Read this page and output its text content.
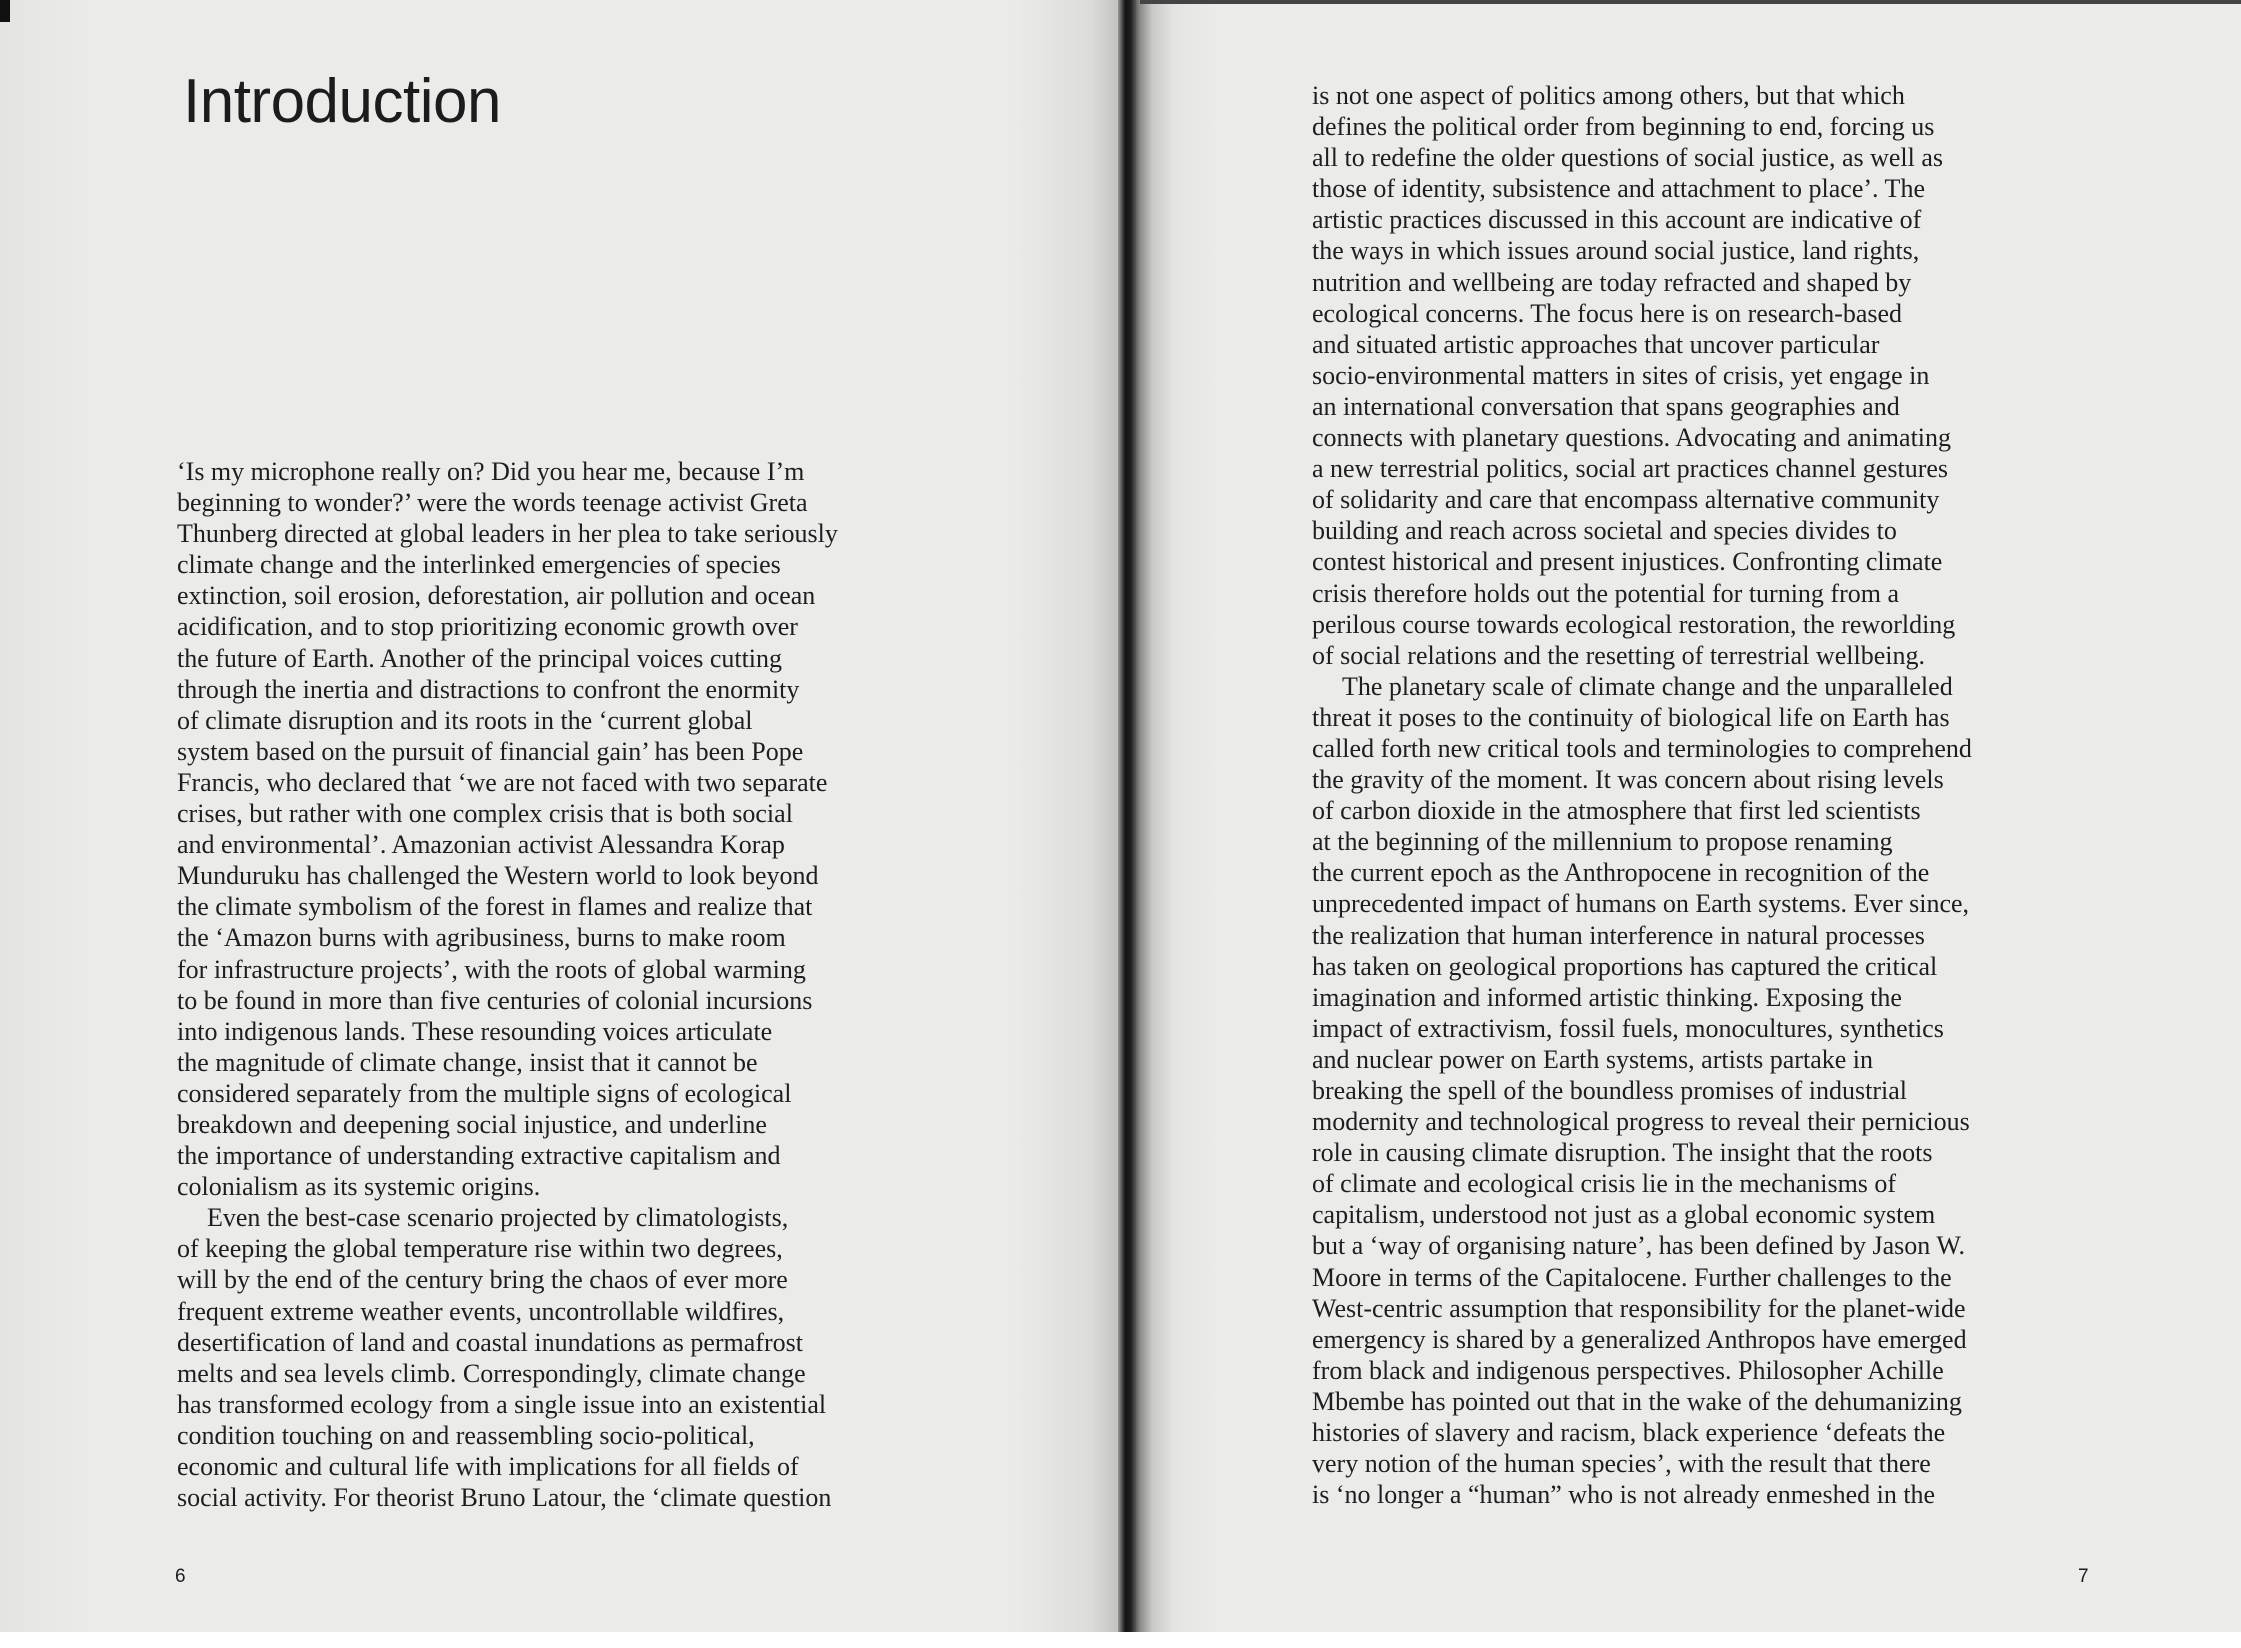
Introduction
‘Is my microphone really on? Did you hear me, because I’m
beginning to wonder?’ were the words teenage activist Greta
Thunberg directed at global leaders in her plea to take seriously
climate change and the interlinked emergencies of species
extinction, soil erosion, deforestation, air pollution and ocean
acidification, and to stop prioritizing economic growth over
the future of Earth. Another of the principal voices cutting
through the inertia and distractions to confront the enormity
of climate disruption and its roots in the ‘current global
system based on the pursuit of financial gain’ has been Pope
Francis, who declared that ‘we are not faced with two separate
crises, but rather with one complex crisis that is both social
and environmental’. Amazonian activist Alessandra Korap
Munduruku has challenged the Western world to look beyond
the climate symbolism of the forest in flames and realize that
the ‘Amazon burns with agribusiness, burns to make room
for infrastructure projects’, with the roots of global warming
to be found in more than five centuries of colonial incursions
into indigenous lands. These resounding voices articulate
the magnitude of climate change, insist that it cannot be
considered separately from the multiple signs of ecological
breakdown and deepening social injustice, and underline
the importance of understanding extractive capitalism and
colonialism as its systemic origins.
Even the best-case scenario projected by climatologists,
of keeping the global temperature rise within two degrees,
will by the end of the century bring the chaos of ever more
frequent extreme weather events, uncontrollable wildfires,
desertification of land and coastal inundations as permafrost
melts and sea levels climb. Correspondingly, climate change
has transformed ecology from a single issue into an existential
condition touching on and reassembling socio-political,
economic and cultural life with implications for all fields of
social activity. For theorist Bruno Latour, the ‘climate question
is not one aspect of politics among others, but that which
defines the political order from beginning to end, forcing us
all to redefine the older questions of social justice, as well as
those of identity, subsistence and attachment to place’. The
artistic practices discussed in this account are indicative of
the ways in which issues around social justice, land rights,
nutrition and wellbeing are today refracted and shaped by
ecological concerns. The focus here is on research-based
and situated artistic approaches that uncover particular
socio-environmental matters in sites of crisis, yet engage in
an international conversation that spans geographies and
connects with planetary questions. Advocating and animating
a new terrestrial politics, social art practices channel gestures
of solidarity and care that encompass alternative community
building and reach across societal and species divides to
contest historical and present injustices. Confronting climate
crisis therefore holds out the potential for turning from a
perilous course towards ecological restoration, the reworlding
of social relations and the resetting of terrestrial wellbeing.
The planetary scale of climate change and the unparalleled
threat it poses to the continuity of biological life on Earth has
called forth new critical tools and terminologies to comprehend
the gravity of the moment. It was concern about rising levels
of carbon dioxide in the atmosphere that first led scientists
at the beginning of the millennium to propose renaming
the current epoch as the Anthropocene in recognition of the
unprecedented impact of humans on Earth systems. Ever since,
the realization that human interference in natural processes
has taken on geological proportions has captured the critical
imagination and informed artistic thinking. Exposing the
impact of extractivism, fossil fuels, monocultures, synthetics
and nuclear power on Earth systems, artists partake in
breaking the spell of the boundless promises of industrial
modernity and technological progress to reveal their pernicious
role in causing climate disruption. The insight that the roots
of climate and ecological crisis lie in the mechanisms of
capitalism, understood not just as a global economic system
but a ‘way of organising nature’, has been defined by Jason W.
Moore in terms of the Capitalocene. Further challenges to the
West-centric assumption that responsibility for the planet-wide
emergency is shared by a generalized Anthropos have emerged
from black and indigenous perspectives. Philosopher Achille
Mbembe has pointed out that in the wake of the dehumanizing
histories of slavery and racism, black experience ‘defeats the
very notion of the human species’, with the result that there
is ‘no longer a “human” who is not already enmeshed in the

6	7
